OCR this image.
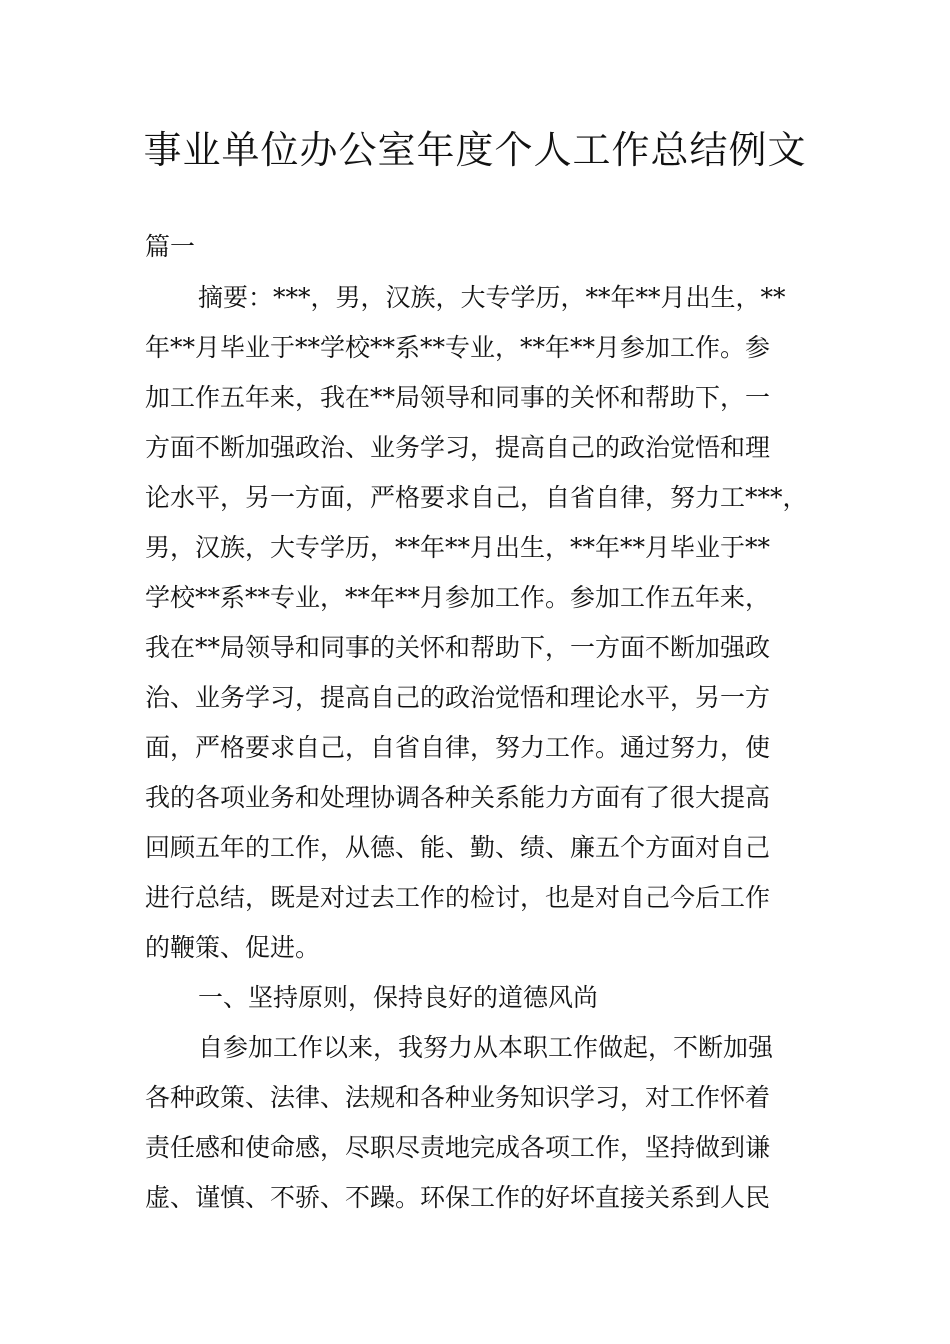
事业单位办公室年度个人工作总结例文

篇一

摘要：***，男，汉族，大专学历，**年**月出生，**

年**月毕业于**学校**系**专业，**年**月参加工作。参

加工作五年来，我在**局领导和同事的关怀和帮助下，一

方面不断加强政治、业务学习，提高自己的政治觉悟和理

论水平，另一方面，严格要求自己，自省自律，努力工***，

男，汉族，大专学历，**年**月出生，**年**月毕业于**

学校**系**专业，**年**月参加工作。参加工作五年来，

我在**局领导和同事的关怀和帮助下，一方面不断加强政

治、业务学习，提高自己的政治觉悟和理论水平，另一方

面，严格要求自己，自省自律，努力工作。通过努力，使

我的各项业务和处理协调各种关系能力方面有了很大提高

回顾五年的工作，从德、能、勤、绩、廉五个方面对自己

进行总结，既是对过去工作的检讨，也是对自己今后工作

的鞭策、促进。

一、坚持原则，保持良好的道德风尚

自参加工作以来，我努力从本职工作做起，不断加强

各种政策、法律、法规和各种业务知识学习，对工作怀着

责任感和使命感，尽职尽责地完成各项工作，坚持做到谦

虚、谨慎、不骄、不躁。环保工作的好坏直接关系到人民
